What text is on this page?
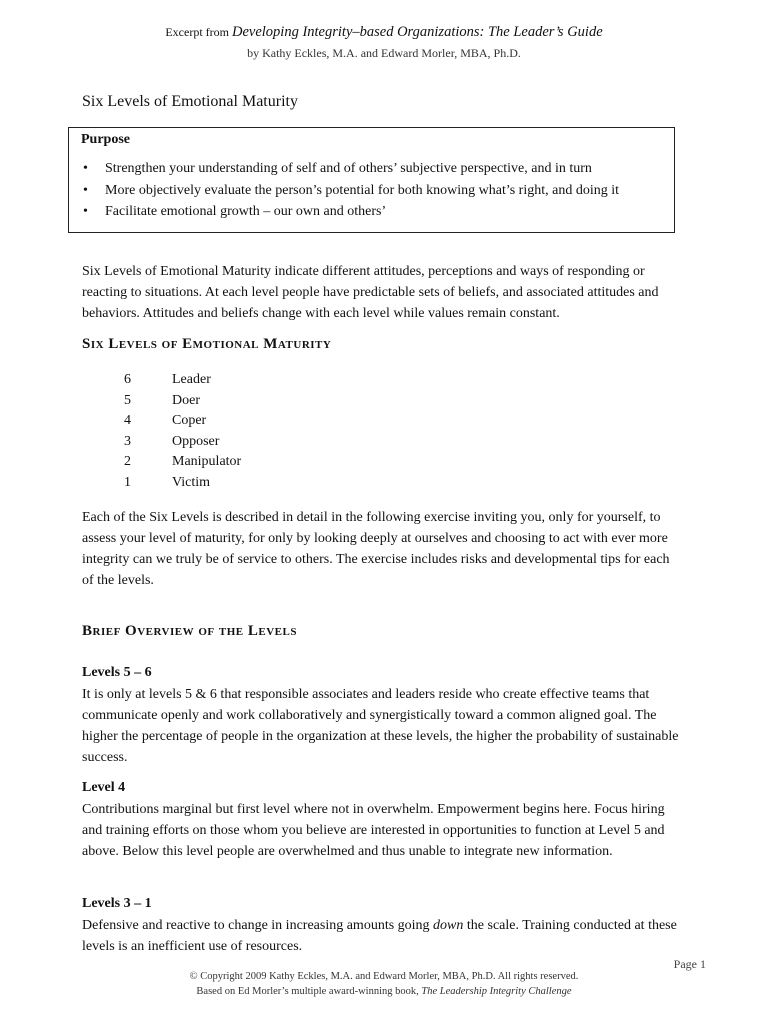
Excerpt from Developing Integrity–based Organizations: The Leader’s Guide
by Kathy Eckles, M.A. and Edward Morler, MBA, Ph.D.
Six Levels of Emotional Maturity

Purpose

• Strengthen your understanding of self and of others’ subjective perspective, and in turn
• More objectively evaluate the person’s potential for both knowing what’s right, and doing it
• Facilitate emotional growth – our own and others’

Six Levels of Emotional Maturity indicate different attitudes, perceptions and ways of responding or reacting to situations. At each level people have predictable sets of beliefs, and associated attitudes and behaviors. Attitudes and beliefs change with each level while values remain constant.

Six Levels of Emotional Maturity
6	Leader
5	Doer
4	Coper
3	Opposer
2	Manipulator
1	Victim

Each of the Six Levels is described in detail in the following exercise inviting you, only for yourself, to assess your level of maturity, for only by looking deeply at ourselves and choosing to act with ever more integrity can we truly be of service to others. The exercise includes risks and developmental tips for each of the levels.

Brief Overview of the Levels
Levels 5 – 6

It is only at levels 5 & 6 that responsible associates and leaders reside who create effective teams that communicate openly and work collaboratively and synergistically toward a common aligned goal. The higher the percentage of people in the organization at these levels, the higher the probability of sustainable success.

Level 4

Contributions marginal but first level where not in overwhelm. Empowerment begins here. Focus hiring and training efforts on those whom you believe are interested in opportunities to function at Level 5 and above. Below this level people are overwhelmed and thus unable to integrate new information.

Levels 3 – 1

Defensive and reactive to change in increasing amounts going down the scale. Training conducted at these levels is an inefficient use of resources.

Page 1
© Copyright 2009 Kathy Eckles, M.A. and Edward Morler, MBA, Ph.D. All rights reserved.
Based on Ed Morler’s multiple award-winning book, The Leadership Integrity Challenge
